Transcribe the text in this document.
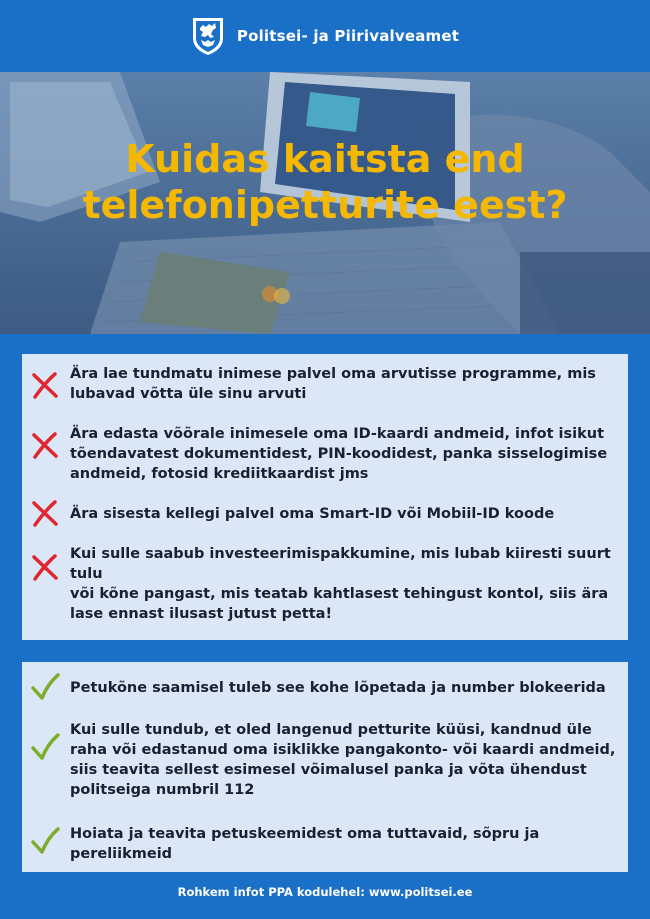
Politsei- ja Piirivalveamet
Kuidas kaitsta end
telefonipetturite eest?
Ära lae tundmatu inimese palvel oma arvutisse programme, mis lubavad võtta üle sinu arvuti
Ära edasta võõrale inimesele oma ID-kaardi andmeid, infot isikut tõendavatest dokumentidest, PIN-koodidest, panka sisselogimise andmeid, fotosid krediitkaardist jms
Ära sisesta kellegi palvel oma Smart-ID või Mobiil-ID koode
Kui sulle saabub investeerimispakkumine, mis lubab kiiresti suurt tulu
või kõne pangast, mis teatab kahtlasest tehingust kontol, siis ära lase ennast ilusast jutust petta!
Petukõne saamisel tuleb see kohe lõpetada ja number blokeerida
Kui sulle tundub, et oled langenud petturite küüsi, kandnud üle raha või edastanud oma isiklikke pangakonto- või kaardi andmeid, siis teavita sellest esimesel võimalusel panka ja võta ühendust politseiga numbril 112
Hoiata ja teavita petuskeemidest oma tuttavaid, sõpru ja pereliikmeid
Rohkem infot PPA kodulehel: www.politsei.ee
